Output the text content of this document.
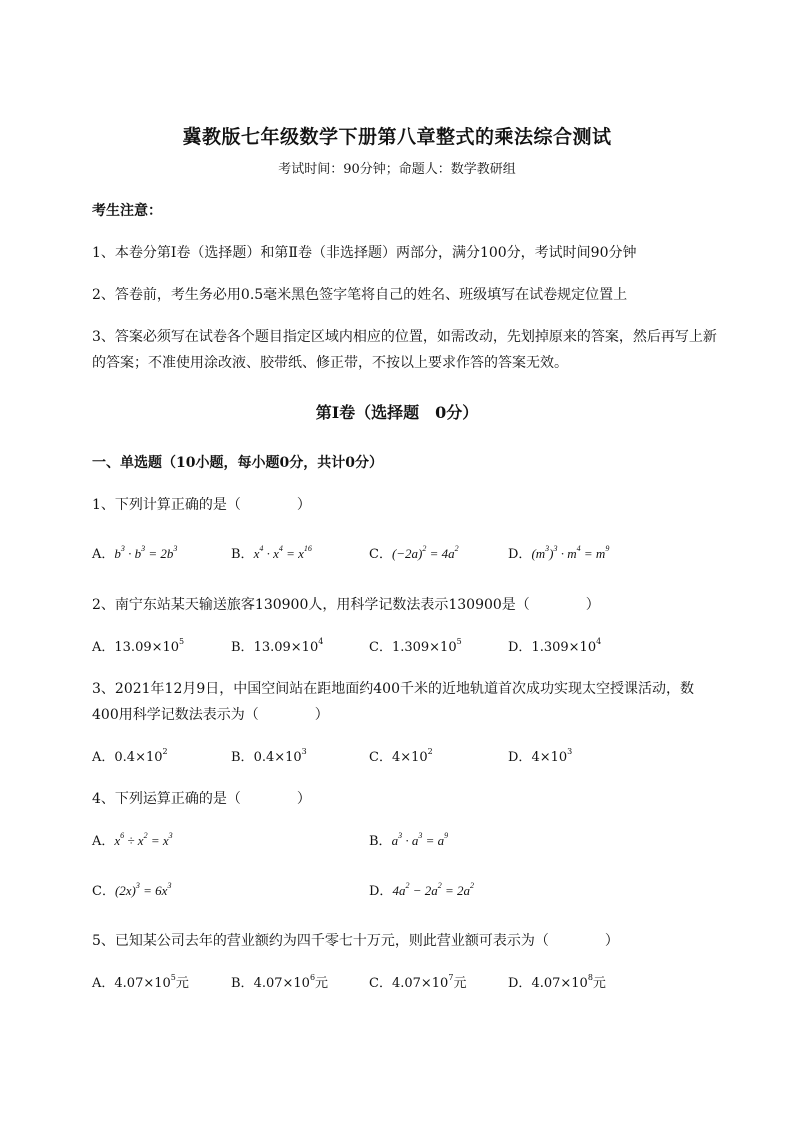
冀教版七年级数学下册第八章整式的乘法综合测试
考试时间：90分钟；命题人：数学教研组
考生注意：
1、本卷分第I卷（选择题）和第Ⅱ卷（非选择题）两部分，满分100分，考试时间90分钟
2、答卷前，考生务必用0.5毫米黑色签字笔将自己的姓名、班级填写在试卷规定位置上
3、答案必须写在试卷各个题目指定区域内相应的位置，如需改动，先划掉原来的答案，然后再写上新
的答案；不准使用涂改液、胶带纸、修正带，不按以上要求作答的答案无效。
第I卷（选择题　0分）
一、单选题（10小题，每小题0分，共计0分）
1、下列计算正确的是（　　　　）
A．$b^3 \cdot b^3 = 2b^3$	B．$x^4 \cdot x^4 = x^{16}$	C．$(-2a)^2 = 4a^2$	D．$(m^3)^3 \cdot m^4 = m^9$
2、南宁东站某天输送旅客130900人，用科学记数法表示130900是（　　　　）
A．$13.09\times 10^5$	B．$13.09\times 10^4$	C．$1.309\times 10^5$	D．$1.309\times 10^4$
3、2021年12月9日，中国空间站在距地面约400千米的近地轨道首次成功实现太空授课活动，数
400用科学记数法表示为（　　　　）
A．$0.4\times 10^2$	B．$0.4\times 10^3$	C．$4\times 10^2$	D．$4\times 10^3$
4、下列运算正确的是（　　　　）
A．$x^6 \div x^2 = x^3$	B．$a^3 \cdot a^3 = a^9$
C．$(2x)^3 = 6x^3$	D．$4a^2 - 2a^2 = 2a^2$
5、已知某公司去年的营业额约为四千零七十万元，则此营业额可表示为（　　　　）
A．$4.07\times 10^5$元	B．$4.07\times 10^6$元	C．$4.07\times 10^7$元	D．$4.07\times 10^8$元
